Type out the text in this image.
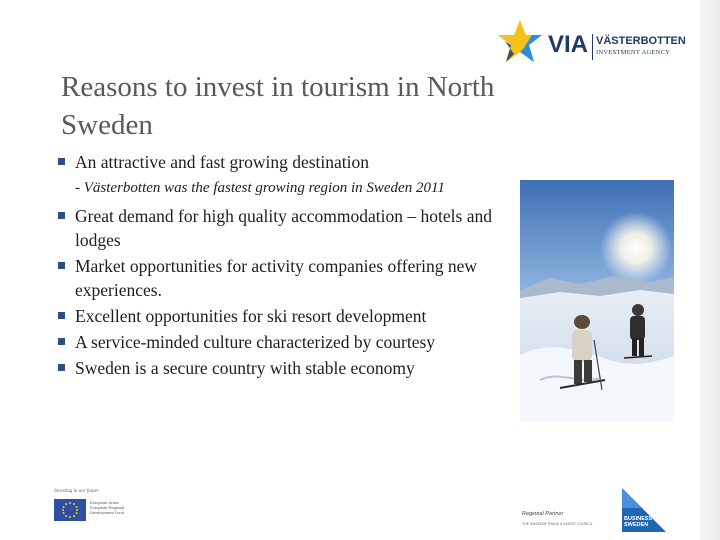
VIA VÄSTERBOTTEN
INVESTMENT AGENCY
Reasons to invest in tourism in North Sweden
An attractive and fast growing destination
- Västerbotten was the fastest growing region in Sweden 2011
Great demand for high quality accommodation – hotels and lodges
Market opportunities for activity companies offering new experiences.
Excellent opportunities for ski resort development
A service-minded culture characterized by courtesy
Sweden is a secure country with stable economy
Investing in our future
European Union European Regional Development Fund	Regional Partner
THE SWEDISH TRADE & INVEST COUNCIL
BUSINESS
SWEDEN
